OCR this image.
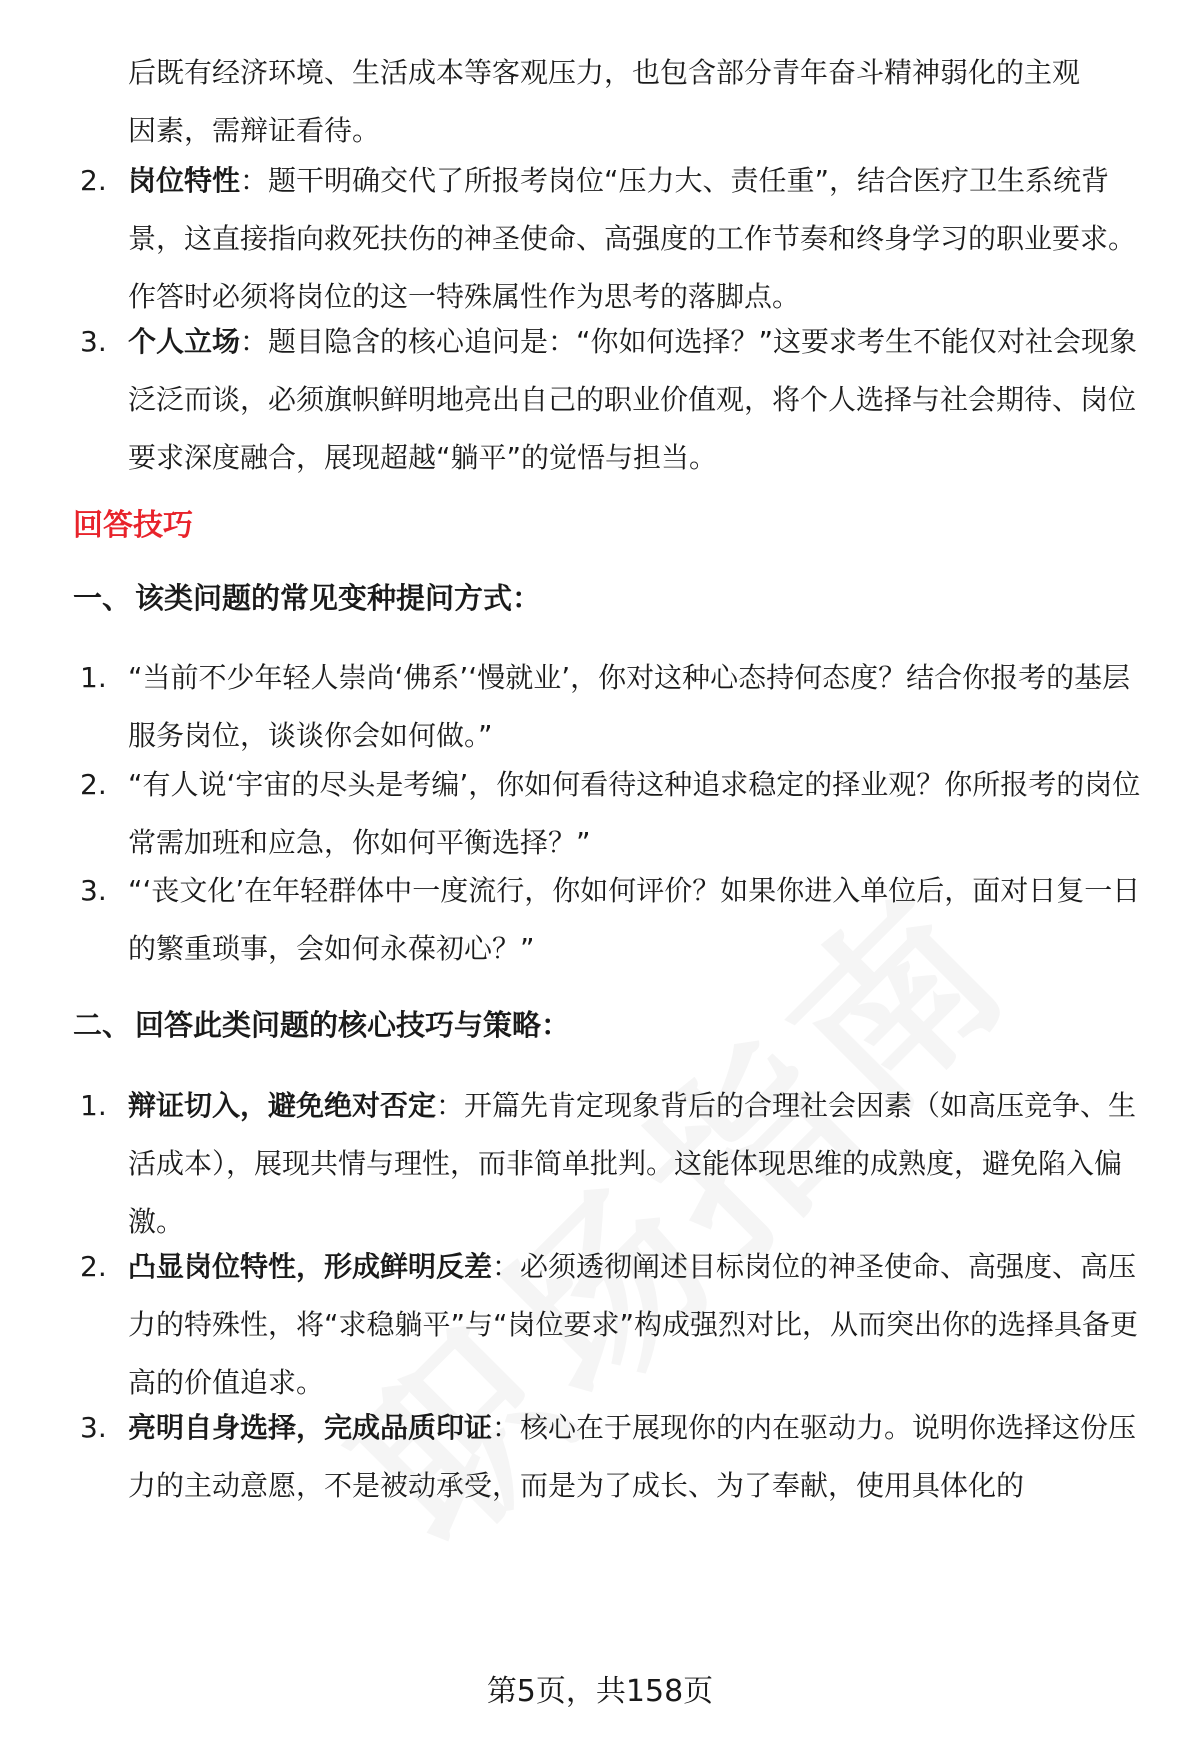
后既有经济环境、生活成本等客观压力，也包含部分青年奋斗精神弱化的主观
因素，需辩证看待。
2. 岗位特性：题干明确交代了所报考岗位“压力大、责任重”，结合医疗卫生系统背景，这直接指向救死扶伤的神圣使命、高强度的工作节奏和终身学习的职业要求。作答时必须将岗位的这一特殊属性作为思考的落脚点。
3. 个人立场：题目隐含的核心追问是：“你如何选择？”这要求考生不能仅对社会现象泛泛而谈，必须旗帜鲜明地亮出自己的职业价值观，将个人选择与社会期待、岗位要求深度融合，展现超越“躺平”的觉悟与担当。
回答技巧
一、 该类问题的常见变种提问方式：
1. “当前不少年轻人崇尚‘佛系’‘慢就业’，你对这种心态持何态度？结合你报考的基层服务岗位，谈谈你会如何做。”
2. “有人说‘宇宙的尽头是考编’，你如何看待这种追求稳定的择业观？你所报考的岗位常需加班和应急，你如何平衡选择？”
3. “‘丧文化’在年轻群体中一度流行，你如何评价？如果你进入单位后，面对日复一日的繁重琐事，会如何永葆初心？”
二、 回答此类问题的核心技巧与策略：
1. 辩证切入，避免绝对否定：开篇先肯定现象背后的合理社会因素（如高压竞争、生活成本），展现共情与理性，而非简单批判。这能体现思维的成熟度，避免陷入偏激。
2. 凸显岗位特性，形成鲜明反差：必须透彻阐述目标岗位的神圣使命、高强度、高压力的特殊性，将“求稳躺平”与“岗位要求”构成强烈对比，从而突出你的选择具备更高的价值追求。
3. 亮明自身选择，完成品质印证：核心在于展现你的内在驱动力。说明你选择这份压力的主动意愿，不是被动承受，而是为了成长、为了奉献，使用具体化的
第5页，共158页
